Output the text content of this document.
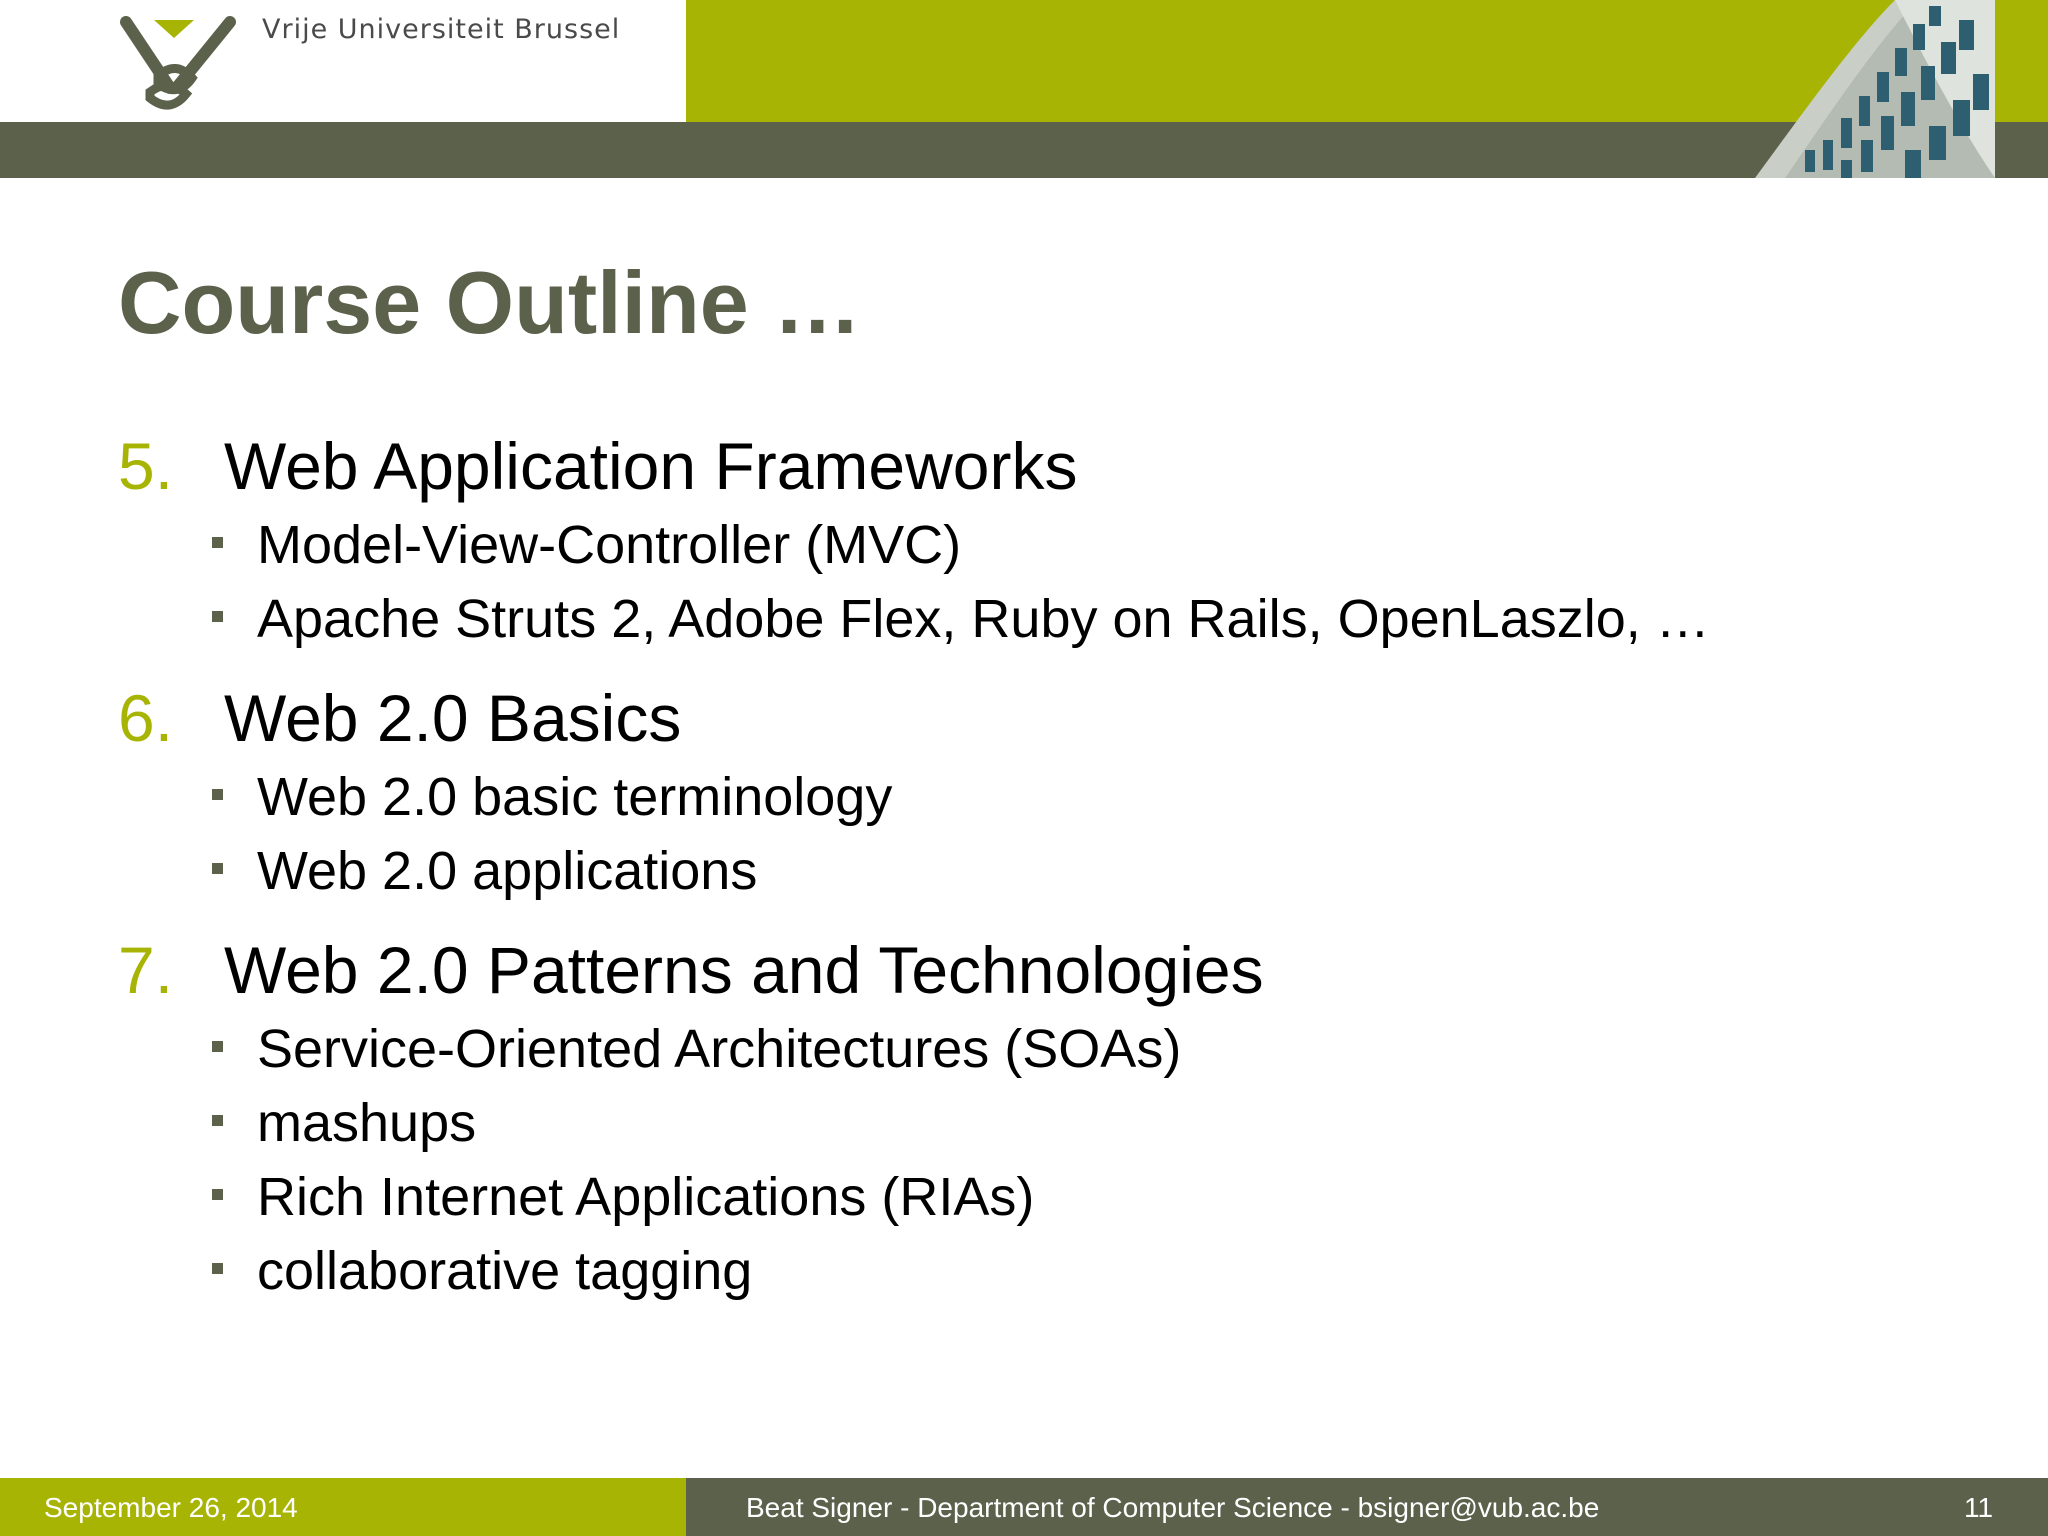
Vrije Universiteit Brussel
Course Outline …
5. Web Application Frameworks
Model-View-Controller (MVC)
Apache Struts 2, Adobe Flex, Ruby on Rails, OpenLaszlo, …
6. Web 2.0 Basics
Web 2.0 basic terminology
Web 2.0 applications
7. Web 2.0 Patterns and Technologies
Service-Oriented Architectures (SOAs)
mashups
Rich Internet Applications (RIAs)
collaborative tagging
September 26, 2014	Beat Signer - Department of Computer Science - bsigner@vub.ac.be	11
